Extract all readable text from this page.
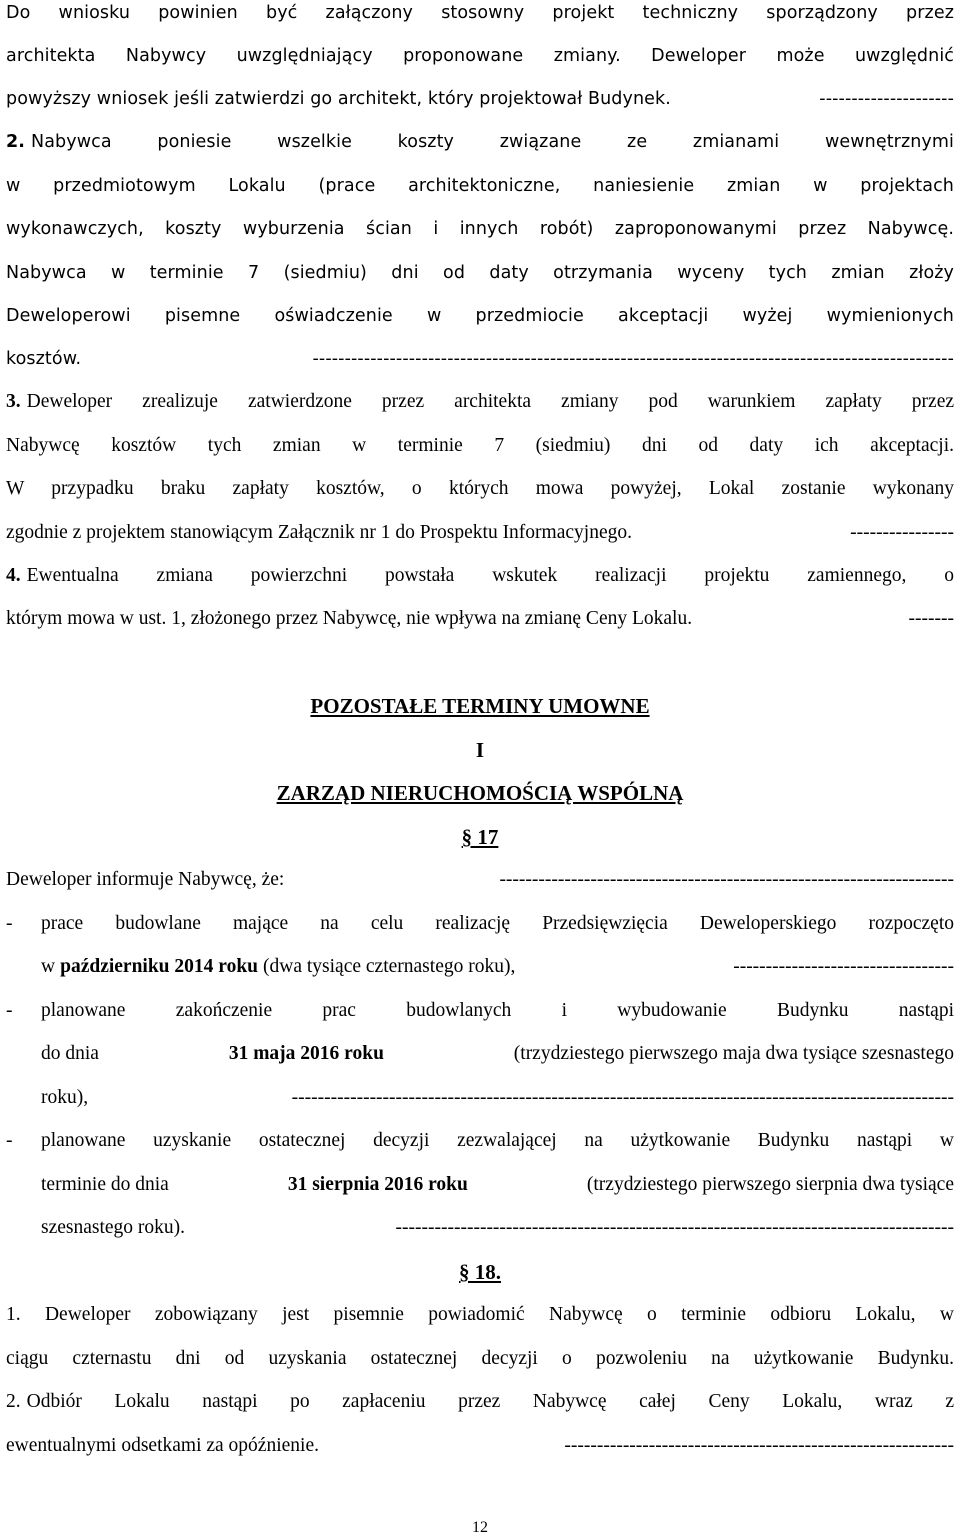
Do wniosku powinien być załączony stosowny projekt techniczny sporządzony przez
architekta Nabywcy uwzględniający proponowane zmiany. Deweloper może uwzględnić
powyższy wniosek jeśli zatwierdzi go architekt, który projektował Budynek.	---------------------
2. Nabywca poniesie wszelkie koszty związane ze zmianami wewnętrznymi
w przedmiotowym Lokalu (prace architektoniczne, naniesienie zmian w projektach
wykonawczych, koszty wyburzenia ścian i innych robót) zaproponowanymi przez Nabywcę.
Nabywca w terminie 7 (siedmiu) dni od daty otrzymania wyceny tych zmian złoży
Deweloperowi pisemne oświadczenie w przedmiocie akceptacji wyżej wymienionych
kosztów.	----------------------------------------------------------------------------------------------------
3. Deweloper zrealizuje zatwierdzone przez architekta zmiany pod warunkiem zapłaty przez
Nabywcę kosztów tych zmian w terminie 7 (siedmiu) dni od daty ich akceptacji.
W przypadku braku zapłaty kosztów, o których mowa powyżej, Lokal zostanie wykonany
zgodnie z projektem stanowiącym Załącznik nr 1 do Prospektu Informacyjnego.	----------------
4. Ewentualna zmiana powierzchni powstała wskutek realizacji projektu zamiennego, o
którym mowa w ust. 1, złożonego przez Nabywcę, nie wpływa na zmianę Ceny Lokalu.	-------
POZOSTAŁE TERMINY UMOWNE
I
ZARZĄD NIERUCHOMOŚCIĄ WSPÓLNĄ
§ 17
Deweloper informuje Nabywcę, że:	----------------------------------------------------------------------
- prace budowlane mające na celu realizację Przedsięwzięcia Deweloperskiego rozpoczęto
w październiku 2014 roku (dwa tysiące czternastego roku),	----------------------------------
- planowane zakończenie prac budowlanych i wybudowanie Budynku nastąpi
do dnia	31 maja 2016 roku	(trzydziestego pierwszego maja dwa tysiące szesnastego
roku),	------------------------------------------------------------------------------------------------------
- planowane uzyskanie ostatecznej decyzji zezwalającej na użytkowanie Budynku nastąpi w
terminie do dnia	31 sierpnia 2016 roku	(trzydziestego pierwszego sierpnia dwa tysiące
szesnastego roku).	--------------------------------------------------------------------------------------
§ 18.
1. Deweloper zobowiązany jest pisemnie powiadomić Nabywcę o terminie odbioru Lokalu, w
ciągu czternastu dni od uzyskania ostatecznej decyzji o pozwoleniu na użytkowanie Budynku.
2. Odbiór Lokalu nastąpi po zapłaceniu przez Nabywcę całej Ceny Lokalu, wraz z
ewentualnymi odsetkami za opóźnienie.	------------------------------------------------------------
12
